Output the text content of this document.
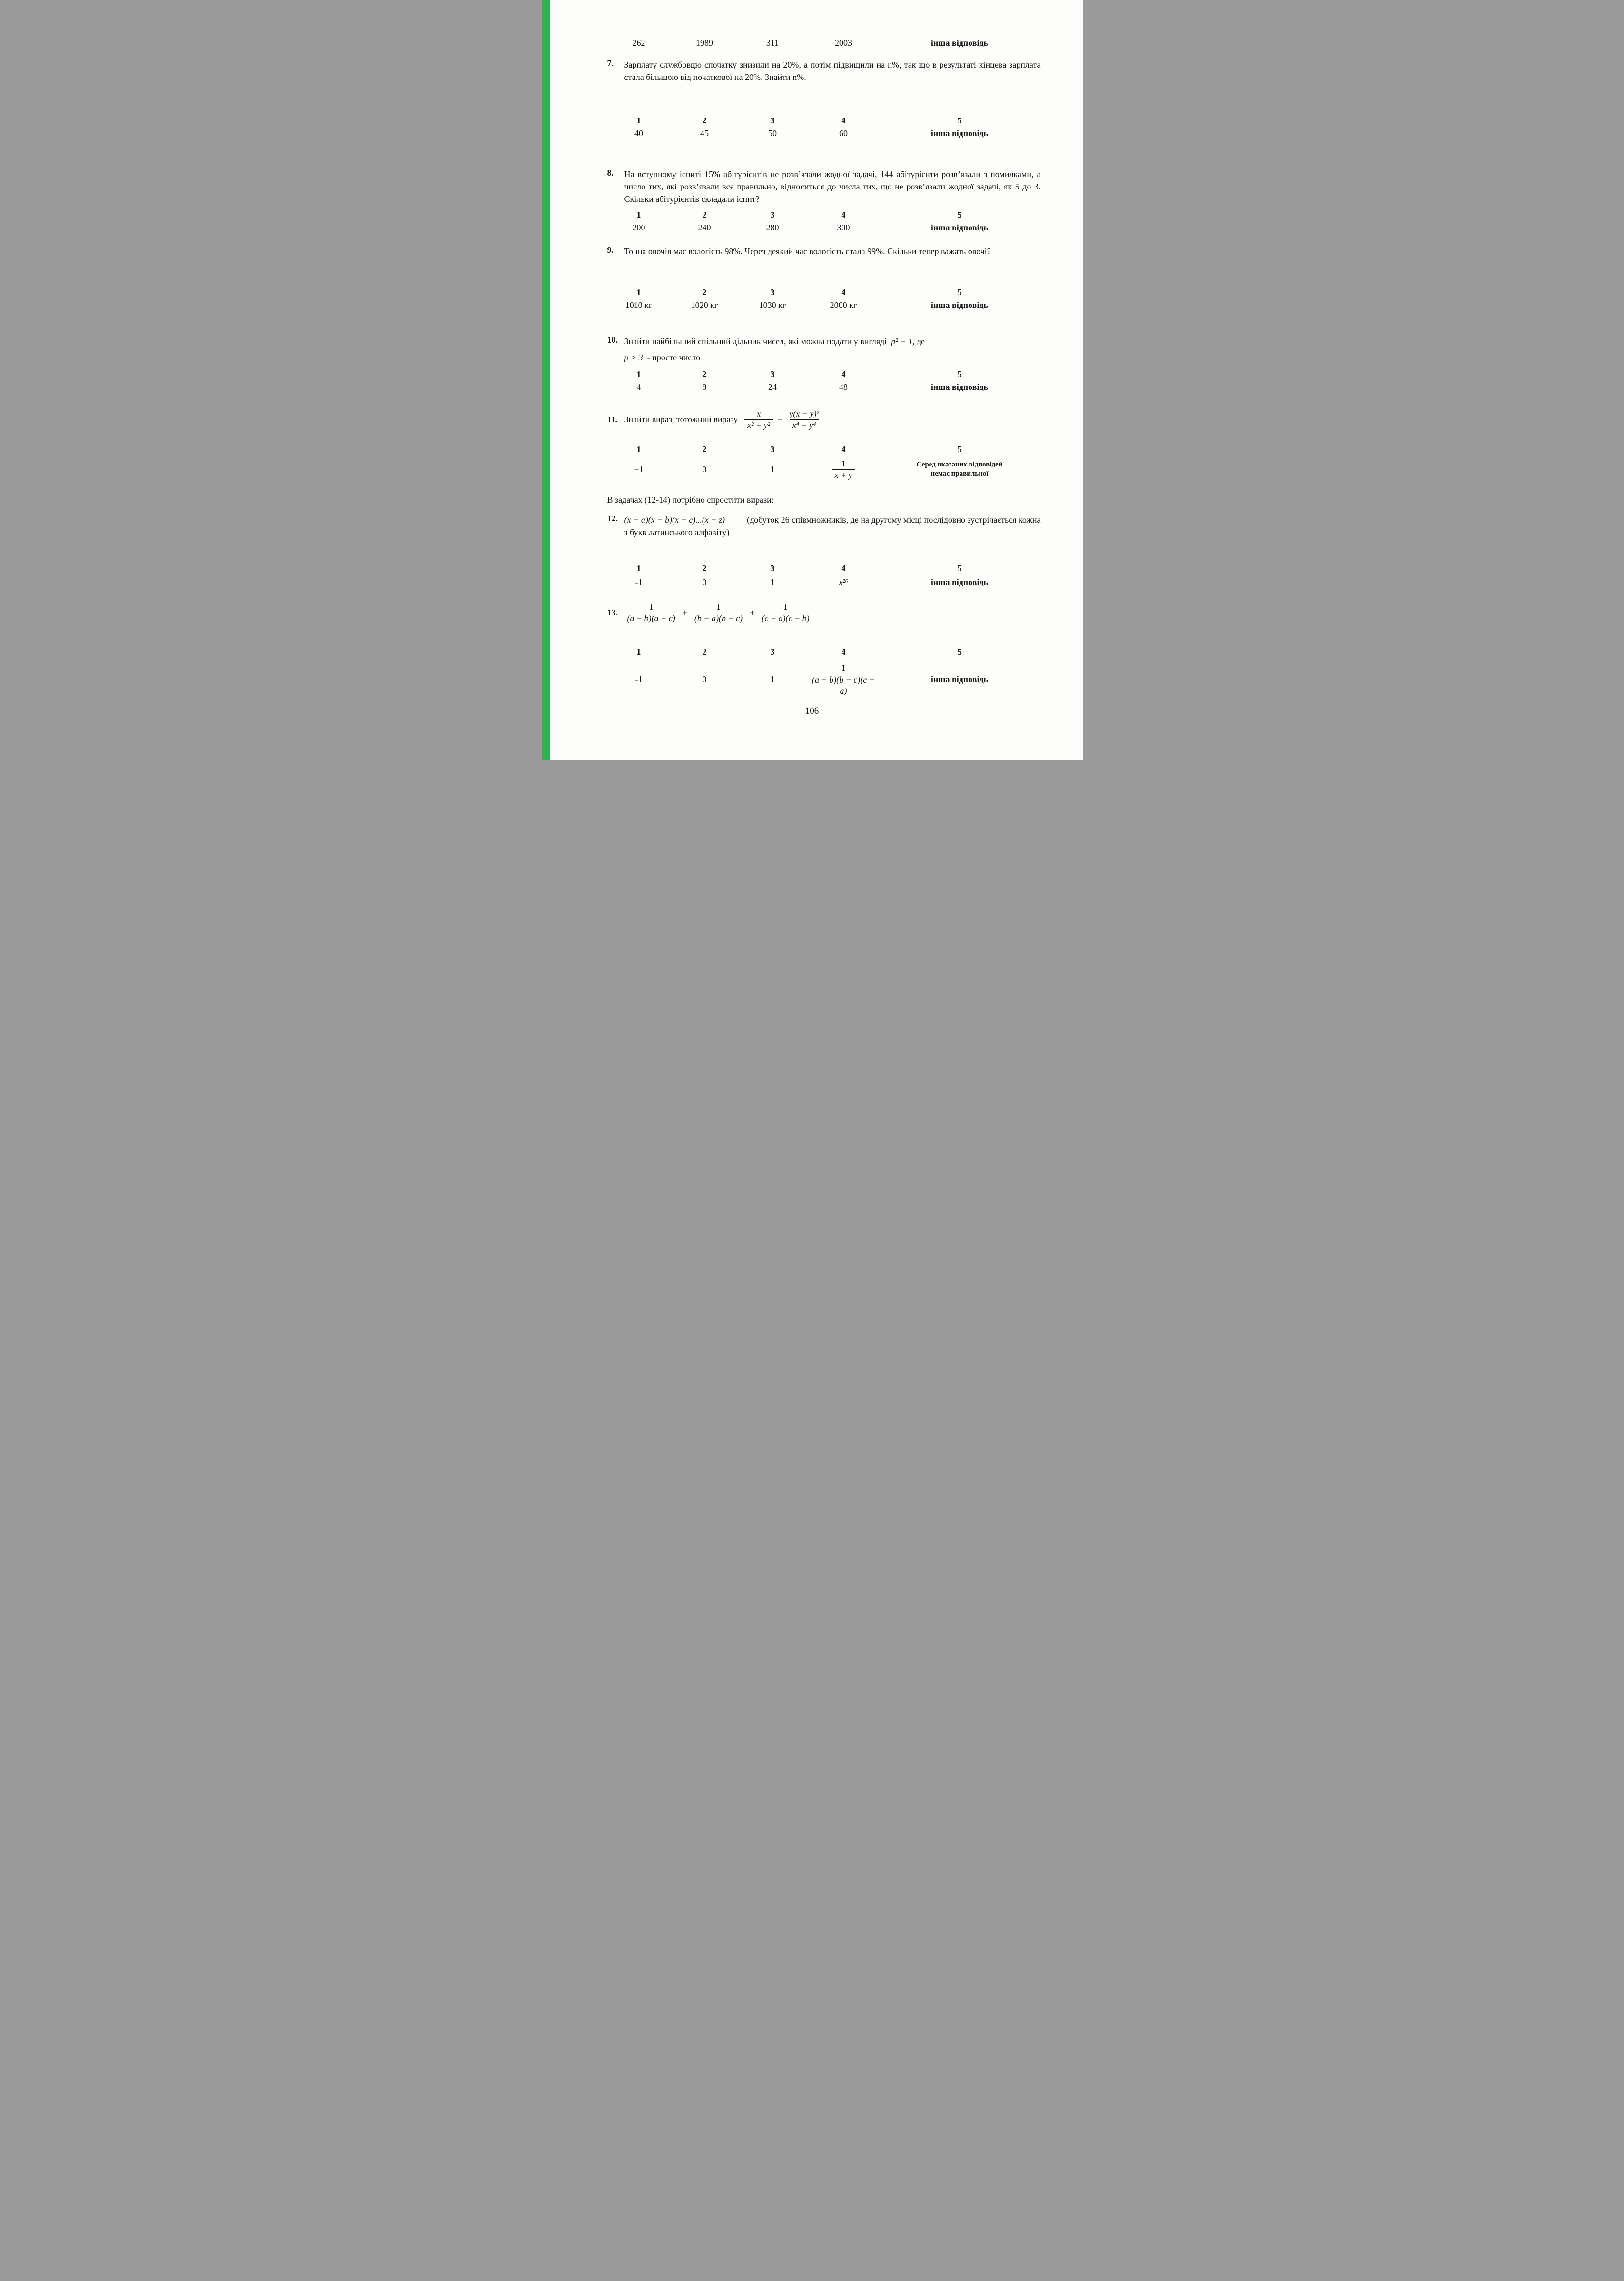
262	1989	311	2003	інша відповідь
7.	Зарплату службовцю спочатку знизили на 20%, а потім підвищили на n%, так що в результаті кінцева зарплата стала більшою від початкової на 20%. Знайти n%.

1	2	3	4	5
40	45	50	60	інша відповідь
8.	На вступному іспиті 15% абітурієнтів не розв’язали жодної задачі, 144 абітурієнти розв’язали з помилками, а число тих, які розв’язали все правильно, відноситься до числа тих, що не розв’язали жодної задачі, як 5 до 3. Скільки абітурієнтів складали іспит?

1	2	3	4	5
200	240	280	300	інша відповідь
9.	Тонна овочів має вологість 98%. Через деякий час вологість стала 99%. Скільки тепер важать овочі?

1	2	3	4	5
1010 кг	1020 кг	1030 кг	2000 кг	інша відповідь
10. Знайти найбільший спільний дільник чисел, які можна подати у вигляді p² − 1, де

p > 3 - просте число

1	2	3	4	5
4	8	24	48	інша відповідь
11. Знайти вираз, тотожний виразу $\frac{x}{\text{x² + y²}} - \frac{\text{y(x − y)²}}{\text{x⁴ − y⁴}}$
1	2	3	4	5
−1	0	1	$\frac{1}{x + y}$	Серед вказаних відповідей
немає правильної

В задачах (12-14) потрібно спростити вирази:

12. (x − a)(x − b)(x − c)...(x − z)	(добуток 26 співмножників, де на другому місці послідовно зустрічається кожна з букв латинського алфавіту)

1	2	3	4	5
-1	0	1	x²⁶	інша відповідь
13. $\frac{1}{(a - b)(a - c)} + \frac{1}{(b - a)(b - c)} + \frac{1}{(c - a)(c - b)}$
1	2	3	4	5
-1	0	1	$\frac{1}{(a - b)(b - c)(c - a)}$	інша відповідь
106
